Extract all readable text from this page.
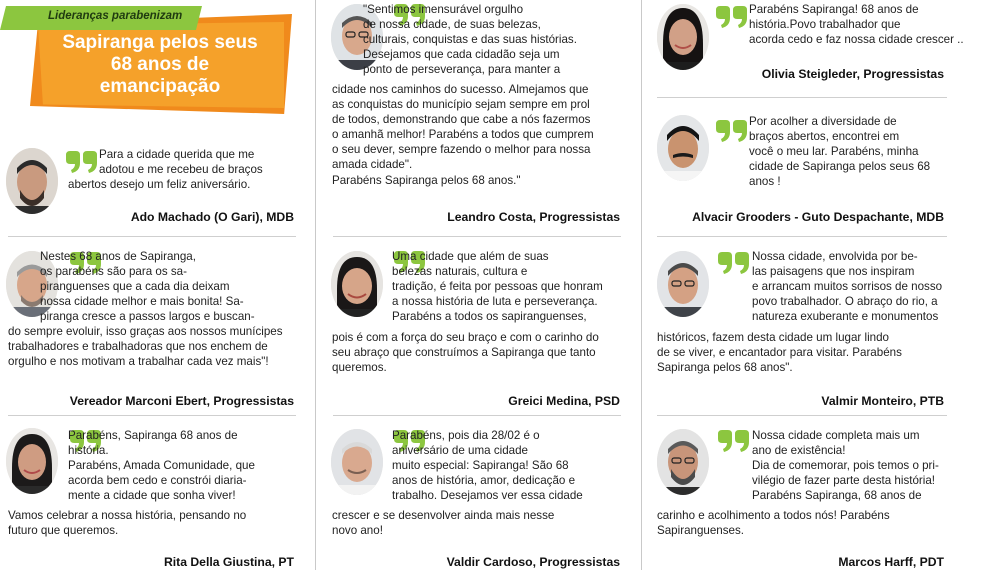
Lideranças parabenizam
Sapiranga pelos seus
68 anos de
emancipação
Para a cidade querida que me
adotou e me recebeu de braços
abertos desejo um feliz aniversário.
Ado Machado (O Gari), MDB
Nestes 68 anos de Sapiranga,
os parabéns são para os sa-
piranguenses que a cada dia deixam
nossa cidade melhor e mais bonita! Sa-
piranga cresce a passos largos e buscan-
do sempre evoluir, isso graças aos nossos munícipes
trabalhadores e trabalhadoras que nos enchem de
orgulho e nos motivam a trabalhar cada vez mais"!
Vereador Marconi Ebert, Progressistas
Parabéns, Sapiranga 68 anos de
história.
Parabéns, Amada Comunidade, que
acorda bem cedo e constrói diaria-
mente a cidade que sonha viver!
Vamos celebrar a nossa história, pensando no
futuro que queremos.
Rita Della Giustina, PT
"Sentimos imensurável orgulho
de nossa cidade, de suas belezas,
culturais, conquistas e das suas histórias.
Desejamos que cada cidadão seja um
ponto de perseverança, para manter a
cidade nos caminhos do sucesso. Almejamos que
as conquistas do município sejam sempre em prol
de todos, demonstrando que cabe a nós fazermos
o amanhã melhor! Parabéns a todos que cumprem
o seu dever, sempre fazendo o melhor para nossa
amada cidade".
Parabéns Sapiranga pelos 68 anos."
Leandro Costa, Progressistas
Uma cidade que além de suas
belezas naturais, cultura e
tradição, é feita por pessoas que honram
a nossa história de luta e perseverança.
Parabéns a todos os sapiranguenses,
pois é com a força do seu braço e com o carinho do
seu abraço que construímos a Sapiranga que tanto
queremos.
Greici Medina, PSD
Parabéns, pois dia 28/02 é o
aniversário de uma cidade
muito especial: Sapiranga! São 68
anos de história, amor, dedicação e
trabalho. Desejamos ver essa cidade
crescer e se desenvolver ainda mais nesse
novo ano!
Valdir Cardoso, Progressistas
Parabéns Sapiranga! 68 anos de
história.Povo trabalhador que
acorda cedo e faz nossa cidade crescer ..
Olivia Steigleder, Progressistas
Por acolher a diversidade de
braços abertos, encontrei em
você o meu lar. Parabéns, minha
cidade de Sapiranga pelos seus 68
anos !
Alvacir Grooders - Guto Despachante, MDB
Nossa cidade, envolvida por be-
las paisagens que nos inspiram
e arrancam muitos sorrisos de nosso
povo trabalhador. O abraço do rio, a
natureza exuberante e monumentos
históricos, fazem desta cidade um lugar lindo
de se viver, e encantador para visitar. Parabéns
Sapiranga pelos 68 anos".
Valmir Monteiro, PTB
Nossa cidade completa mais um
ano de existência!
Dia de comemorar, pois temos o pri-
vilégio de fazer parte desta história!
Parabéns Sapiranga, 68 anos de
carinho e acolhimento a todos nós! Parabéns
Sapiranguenses.
Marcos Harff, PDT
